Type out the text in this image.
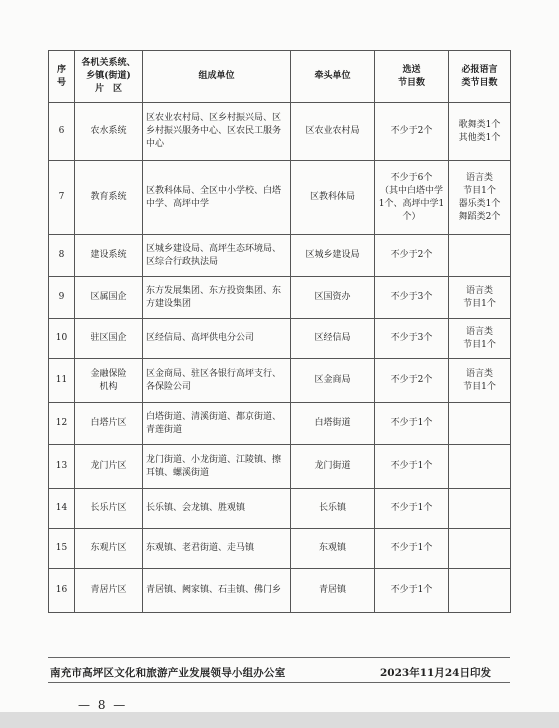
序
号	各机关系统、
乡镇(街道)
片　区	组成单位	牵头单位	选送
节目数	必报语言
类节目数
6	农水系统	区农业农村局、区乡村振兴局、区乡村振兴服务中心、区农民工服务中心	区农业农村局	不少于2个	歌舞类1个
其他类1个
7	教育系统	区教科体局、全区中小学校、白塔中学、高坪中学	区教科体局	不少于6个
（其中白塔中学1个、高坪中学1个）	语言类
节目1个
器乐类1个
舞蹈类2个
8	建设系统	区城乡建设局、高坪生态环境局、区综合行政执法局	区城乡建设局	不少于2个	
9	区属国企	东方发展集团、东方投资集团、东方建设集团	区国资办	不少于3个	语言类
节目1个
10	驻区国企	区经信局、高坪供电分公司	区经信局	不少于3个	语言类
节目1个
11	金融保险
机构	区金商局、驻区各银行高坪支行、各保险公司	区金商局	不少于2个	语言类
节目1个
12	白塔片区	白塔街道、清溪街道、都京街道、青莲街道	白塔街道	不少于1个	
13	龙门片区	龙门街道、小龙街道、江陵镇、擦耳镇、螺溪街道	龙门街道	不少于1个	
14	长乐片区	长乐镇、会龙镇、胜观镇	长乐镇	不少于1个	
15	东观片区	东观镇、老君街道、走马镇	东观镇	不少于1个	
16	青居片区	青居镇、阙家镇、石圭镇、佛门乡	青居镇	不少于1个	
南充市高坪区文化和旅游产业发展领导小组办公室	2023年11月24日印发
— 8 —
